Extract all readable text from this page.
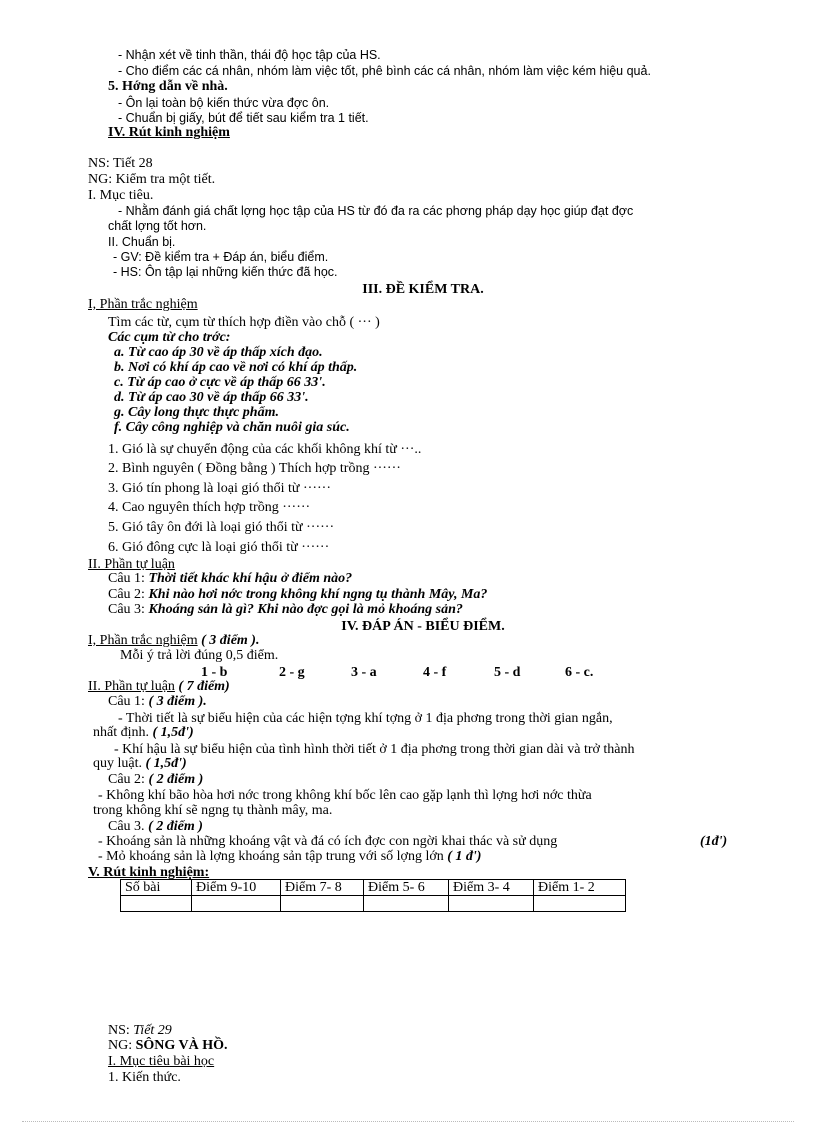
- Nhận xét về tinh thần, thái độ học tập của HS.
- Cho điểm các cá nhân, nhóm làm việc tốt, phê bình các cá nhân, nhóm làm việc kém hiệu quả.
5. Hớng dẫn về nhà.
- Ôn lại toàn bộ kiến thức vừa đợc ôn.
- Chuẩn bị giấy, bút để tiết sau kiểm tra 1 tiết.
IV. Rút kinh nghiệm
NS: Tiết 28
NG: Kiểm tra một tiết.
I. Mục tiêu.
- Nhằm đánh giá chất lợng học tập của HS từ đó đa ra các phơng pháp dạy học giúp đạt đợc
chất lợng tốt hơn.
II. Chuẩn bị.
- GV: Đề kiểm tra + Đáp án, biểu điểm.
- HS: Ôn tập lại những kiến thức đã học.
III. ĐỀ KIỂM TRA.
I, Phần trắc nghiệm
Tìm các từ, cụm từ thích hợp điền vào chỗ ( ··· )
Các cụm từ cho trớc:
a. Từ cao áp 30 về áp thấp xích đạo.
b. Nơi có khí áp cao về nơi có khí áp thấp.
c. Từ áp cao ở cực về áp thấp 66 33'.
d. Từ áp cao 30 về áp thấp 66 33'.
g. Cây long thực thực phẩm.
f. Cây công nghiệp và chăn nuôi gia súc.
1. Gió là sự chuyển động của các khối không khí từ ···..
2. Bình nguyên ( Đồng bằng ) Thích hợp trồng ······
3. Gió tín phong là loại gió thổi từ ······
4. Cao nguyên thích hợp trồng ······
5. Gió tây ôn đới là loại gió thổi từ ······
6. Gió đông cực là loại gió thổi từ ······
II. Phần tự luận
Câu 1: Thời tiết khác khí hậu ở điểm nào?
Câu 2: Khi nào hơi nớc trong không khí ngng tụ thành Mây, Ma?
Câu 3: Khoáng sản là gì? Khi nào đợc gọi là mỏ khoáng sản?
IV. ĐÁP ÁN - BIỂU ĐIỂM.
I, Phần trắc nghiệm ( 3 điểm ).
Mỗi ý trả lời đúng 0,5 điểm.
1 - b	2 - g	3 - a	4 - f	5 - d	6 - c.
II. Phần tự luận ( 7 điểm)
Câu 1: ( 3 điểm ).
- Thời tiết là sự biểu hiện của các hiện tợng khí tợng ở 1 địa phơng trong thời gian ngắn,
nhất định. ( 1,5đ')
- Khí hậu là sự biểu hiện của tình hình thời tiết ở 1 địa phơng trong thời gian dài và trở thành
quy luật. ( 1,5đ')
Câu 2: ( 2 điểm )
- Không khí bão hòa hơi nớc trong không khí bốc lên cao gặp lạnh thì lợng hơi nớc thừa
trong không khí sẽ ngng tụ thành mây, ma.
Câu 3. ( 2 điểm )
- Khoáng sản là những khoáng vật và đá có ích đợc con ngời khai thác và sử dụng	(1đ')
- Mỏ khoáng sản là lợng khoáng sản tập trung với số lợng lớn ( 1 đ')
V. Rút kinh nghiệm:
Số bài	Điểm 9-10	Điểm 7- 8	Điểm 5- 6	Điểm 3- 4	Điểm 1- 2

NS: Tiết 29
NG: SÔNG VÀ HỒ.
I. Mục tiêu bài học
1. Kiến thức.
